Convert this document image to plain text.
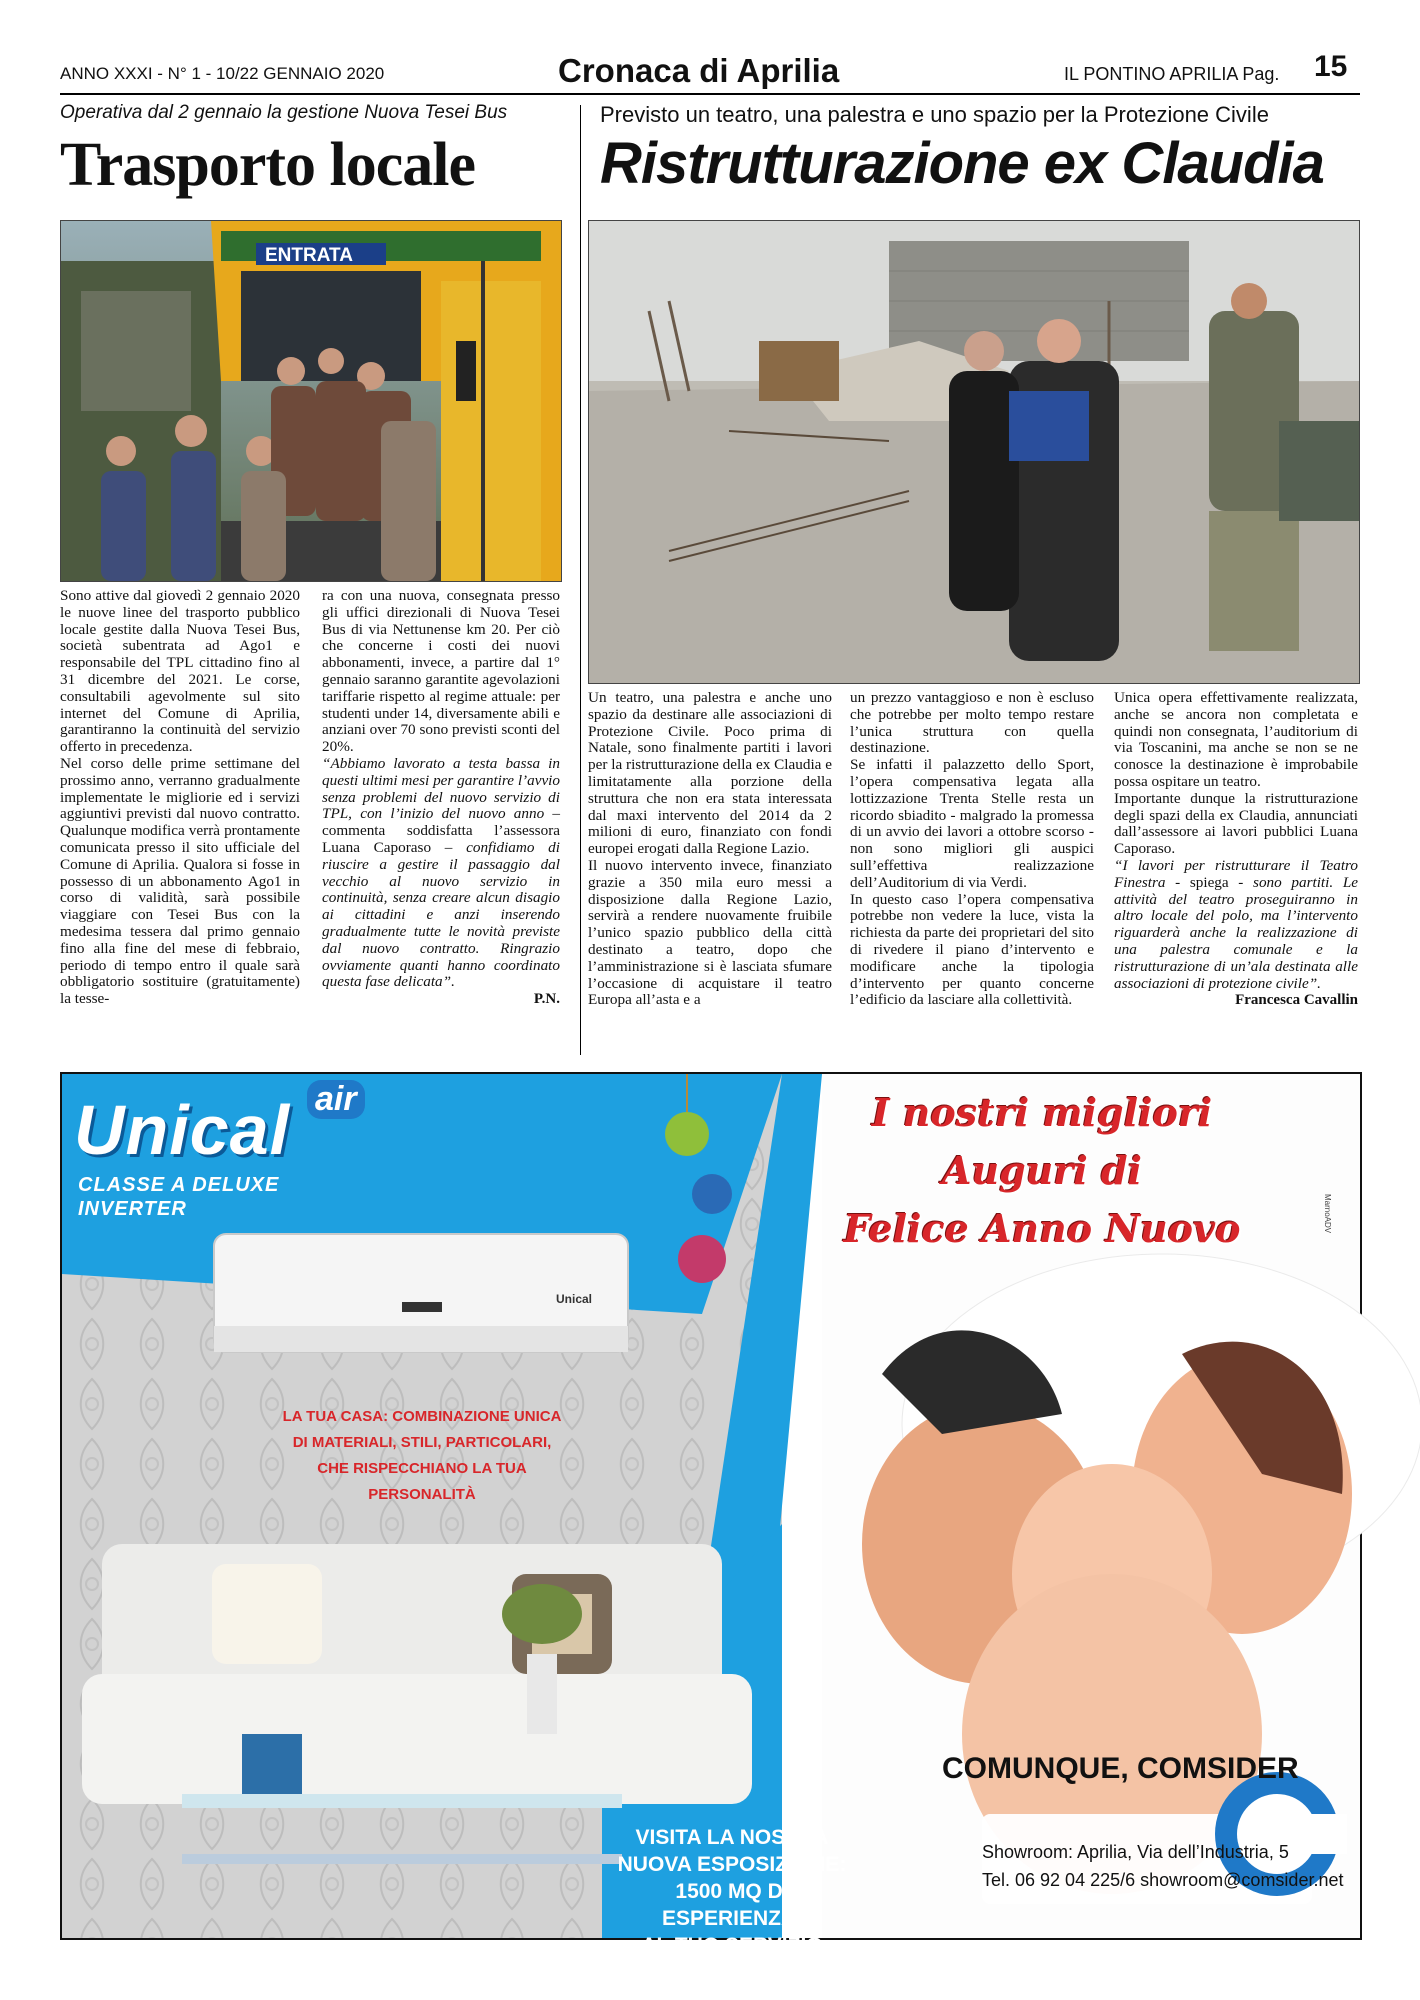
ANNO XXXI - N° 1 - 10/22 GENNAIO 2020	Cronaca di Aprilia	IL PONTINO APRILIA Pag. 15
Operativa dal 2 gennaio la gestione Nuova Tesei Bus
Trasporto locale
ENTRATA

Sono attive dal giovedì 2 gennaio 2020 le nuove linee del trasporto pubblico locale gestite dalla Nuova Tesei Bus, società subentrata ad Ago1 e responsabile del TPL cittadino fino al 31 dicembre del 2021. Le corse, consultabili agevolmente sul sito internet del Comune di Aprilia, garantiranno la continuità del servizio offerto in precedenza.

Nel corso delle prime settimane del prossimo anno, verranno gradualmente implementate le migliorie ed i servizi aggiuntivi previsti dal nuovo contratto. Qualunque modifica verrà prontamente comunicata presso il sito ufficiale del Comune di Aprilia. Qualora si fosse in possesso di un abbonamento Ago1 in corso di validità, sarà possibile viaggiare con Tesei Bus con la medesima tessera dal primo gennaio fino alla fine del mese di febbraio, periodo di tempo entro il quale sarà obbligatorio sostituire (gratuitamente) la tesse-

ra con una nuova, consegnata presso gli uffici direzionali di Nuova Tesei Bus di via Nettunense km 20. Per ciò che concerne i costi dei nuovi abbonamenti, invece, a partire dal 1° gennaio saranno garantite agevolazioni tariffarie rispetto al regime attuale: per studenti under 14, diversamente abili e anziani over 70 sono previsti sconti del 20%.

“Abbiamo lavorato a testa bassa in questi ultimi mesi per garantire l’avvio senza problemi del nuovo servizio di TPL, con l’inizio del nuovo anno – commenta soddisfatta l’assessora Luana Caporaso – confidiamo di riuscire a gestire il passaggio dal vecchio al nuovo servizio in continuità, senza creare alcun disagio ai cittadini e anzi inserendo gradualmente tutte le novità previste dal nuovo contratto. Ringrazio ovviamente quanti hanno coordinato questa fase delicata”.

P.N.
Previsto un teatro, una palestra e uno spazio per la Protezione Civile
Ristrutturazione ex Claudia

Un teatro, una palestra e anche uno spazio da destinare alle associazioni di Protezione Civile. Poco prima di Natale, sono finalmente partiti i lavori per la ristrutturazione della ex Claudia e limitatamente alla porzione della struttura che non era stata interessata dal maxi intervento del 2014 da 2 milioni di euro, finanziato con fondi europei erogati dalla Regione Lazio.

Il nuovo intervento invece, finanziato grazie a 350 mila euro messi a disposizione dalla Regione Lazio, servirà a rendere nuovamente fruibile l’unico spazio pubblico della città destinato a teatro, dopo che l’amministrazione si è lasciata sfumare l’occasione di acquistare il teatro Europa all’asta e a

un prezzo vantaggioso e non è escluso che potrebbe per molto tempo restare l’unica struttura con quella destinazione.

Se infatti il palazzetto dello Sport, l’opera compensativa legata alla lottizzazione Trenta Stelle resta un ricordo sbiadito - malgrado la promessa di un avvio dei lavori a ottobre scorso - non sono migliori gli auspici sull’effettiva realizzazione dell’Auditorium di via Verdi.

In questo caso l’opera compensativa potrebbe non vedere la luce, vista la richiesta da parte dei proprietari del sito di rivedere il piano d’intervento e modificare anche la tipologia d’intervento per quanto concerne l’edificio da lasciare alla collettività.

Unica opera effettivamente realizzata, anche se ancora non completata e quindi non consegnata, l’auditorium di via Toscanini, ma anche se non se ne conosce la destinazione è improbabile possa ospitare un teatro.

Importante dunque la ristrutturazione degli spazi della ex Claudia, annunciati dall’assessore ai lavori pubblici Luana Caporaso.

“I lavori per ristrutturare il Teatro Finestra - spiega - sono partiti. Le attività del teatro proseguiranno in altro locale del polo, ma l’intervento riguarderà anche la realizzazione di una palestra comunale e la ristrutturazione di un’ala destinata alle associazioni di protezione civile”.

Francesca Cavallin
Unical air
CLASSE A DELUXE
INVERTER
Unical
LA TUA CASA: COMBINAZIONE UNICA
DI MATERIALI, STILI, PARTICOLARI,
CHE RISPECCHIANO LA TUA PERSONALITÀ
VISITA LA NOSTRA
NUOVA ESPOSIZIONE:
1500 MQ DI ESPERIENZA,
AL TUO SERVIZIO
I nostri migliori
Auguri di
Felice Anno Nuovo	MarnoADV
COMUNQUE, COMSIDER
Showroom: Aprilia, Via dell’Industria, 5
Tel. 06 92 04 225/6 showroom@comsider.net
